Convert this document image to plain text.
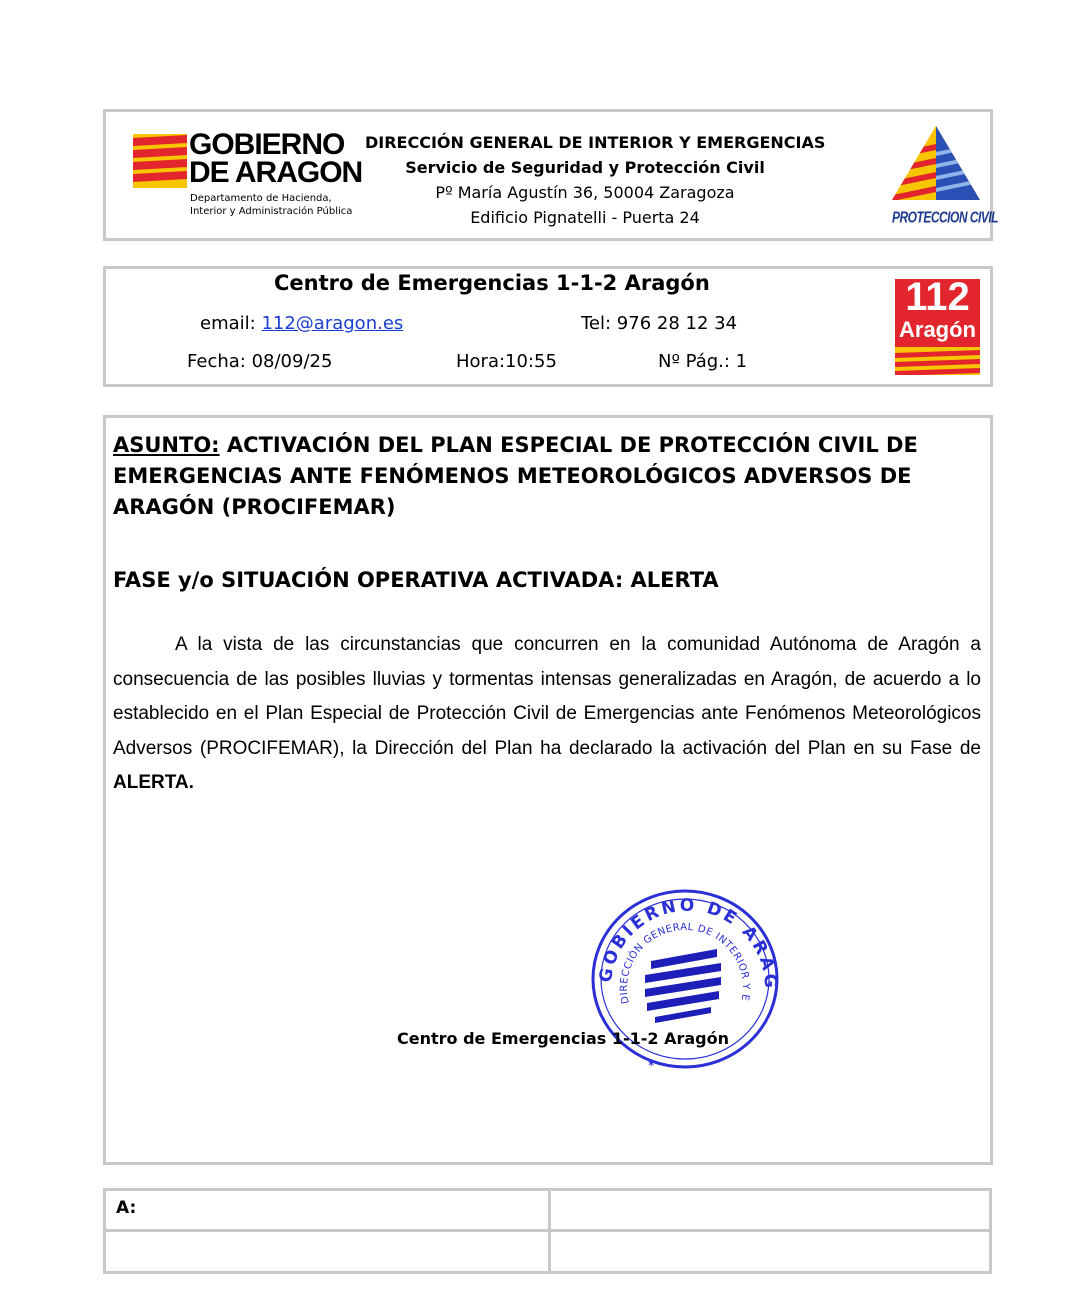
GOBIERNO
DE ARAGON
Departamento de Hacienda,
Interior y Administración Pública
DIRECCIÓN GENERAL DE INTERIOR Y EMERGENCIAS
Servicio de Seguridad y Protección Civil
Pº María Agustín 36, 50004 Zaragoza
Edificio Pignatelli - Puerta 24	PROTECCION CIVIL
Centro de Emergencias 1-1-2 Aragón
email: 112@aragon.es	Tel: 976 28 12 34
Fecha: 08/09/25	Hora:10:55	Nº Pág.: 1
112
Aragón
ASUNTO: ACTIVACIÓN DEL PLAN ESPECIAL DE PROTECCIÓN CIVIL DE EMERGENCIAS ANTE FENÓMENOS METEOROLÓGICOS ADVERSOS DE ARAGÓN (PROCIFEMAR)
FASE y/o SITUACIÓN OPERATIVA ACTIVADA: ALERTA
A la vista de las circunstancias que concurren en la comunidad Autónoma de Aragón a consecuencia de las posibles lluvias y tormentas intensas generalizadas en Aragón, de acuerdo a lo establecido en el Plan Especial de Protección Civil de Emergencias ante Fenómenos Meteorológicos Adversos (PROCIFEMAR), la Dirección del Plan ha declarado la activación del Plan en su Fase de ALERTA.
GOBIERNO DE ARAG
DIRECCIÓN GENERAL DE INTERIOR Y E
✶
Centro de Emergencias 1-1-2 Aragón
A:
